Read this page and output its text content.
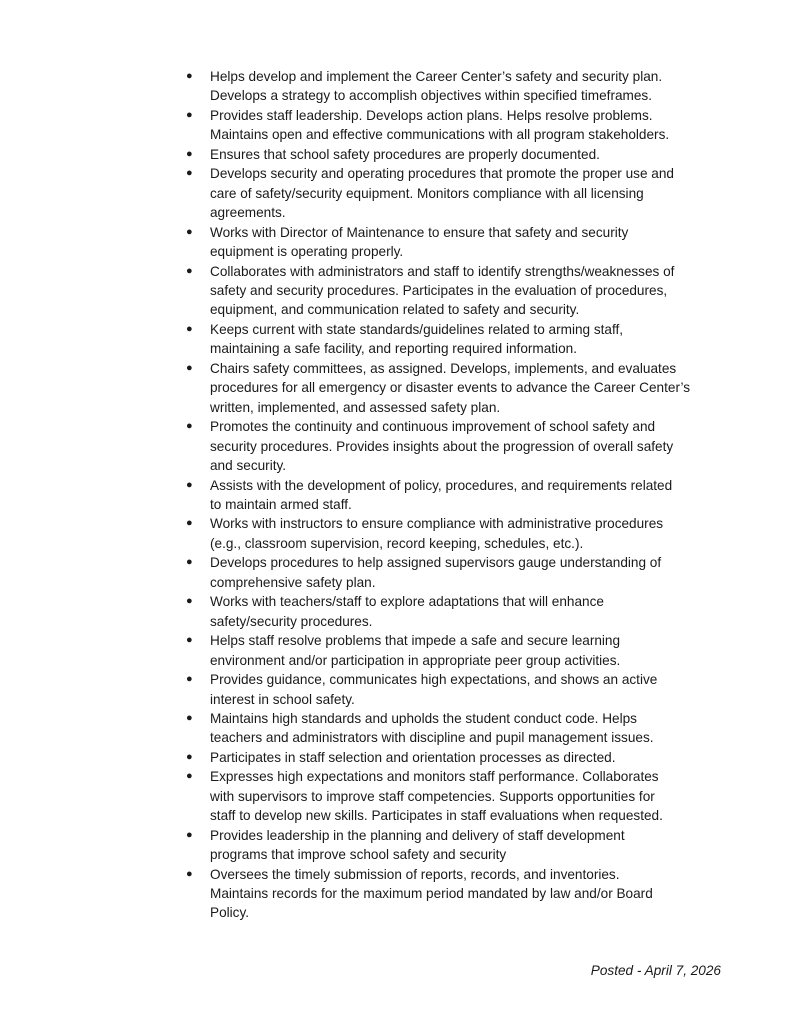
●	Helps develop and implement the Career Center’s safety and security plan.
Develops a strategy to accomplish objectives within specified timeframes.
●	Provides staff leadership. Develops action plans. Helps resolve problems.
Maintains open and effective communications with all program stakeholders.
●	Ensures that school safety procedures are properly documented.
●	Develops security and operating procedures that promote the proper use and
care of safety/security equipment. Monitors compliance with all licensing
agreements.
●	Works with Director of Maintenance to ensure that safety and security
equipment is operating properly.
●	Collaborates with administrators and staff to identify strengths/weaknesses of
safety and security procedures. Participates in the evaluation of procedures,
equipment, and communication related to safety and security.
●	Keeps current with state standards/guidelines related to arming staff,
maintaining a safe facility, and reporting required information.
●	Chairs safety committees, as assigned. Develops, implements, and evaluates
procedures for all emergency or disaster events to advance the Career Center’s
written, implemented, and assessed safety plan.
●	Promotes the continuity and continuous improvement of school safety and
security procedures. Provides insights about the progression of overall safety
and security.
●	Assists with the development of policy, procedures, and requirements related
to maintain armed staff.
●	Works with instructors to ensure compliance with administrative procedures
(e.g., classroom supervision, record keeping, schedules, etc.).
●	Develops procedures to help assigned supervisors gauge understanding of
comprehensive safety plan.
●	Works with teachers/staff to explore adaptations that will enhance
safety/security procedures.
●	Helps staff resolve problems that impede a safe and secure learning
environment and/or participation in appropriate peer group activities.
●	Provides guidance, communicates high expectations, and shows an active
interest in school safety.
●	Maintains high standards and upholds the student conduct code. Helps
teachers and administrators with discipline and pupil management issues.
●	Participates in staff selection and orientation processes as directed.
●	Expresses high expectations and monitors staff performance. Collaborates
with supervisors to improve staff competencies. Supports opportunities for
staff to develop new skills. Participates in staff evaluations when requested.
●	Provides leadership in the planning and delivery of staff development
programs that improve school safety and security
●	Oversees the timely submission of reports, records, and inventories.
Maintains records for the maximum period mandated by law and/or Board
Policy.
Posted - April 7, 2026
